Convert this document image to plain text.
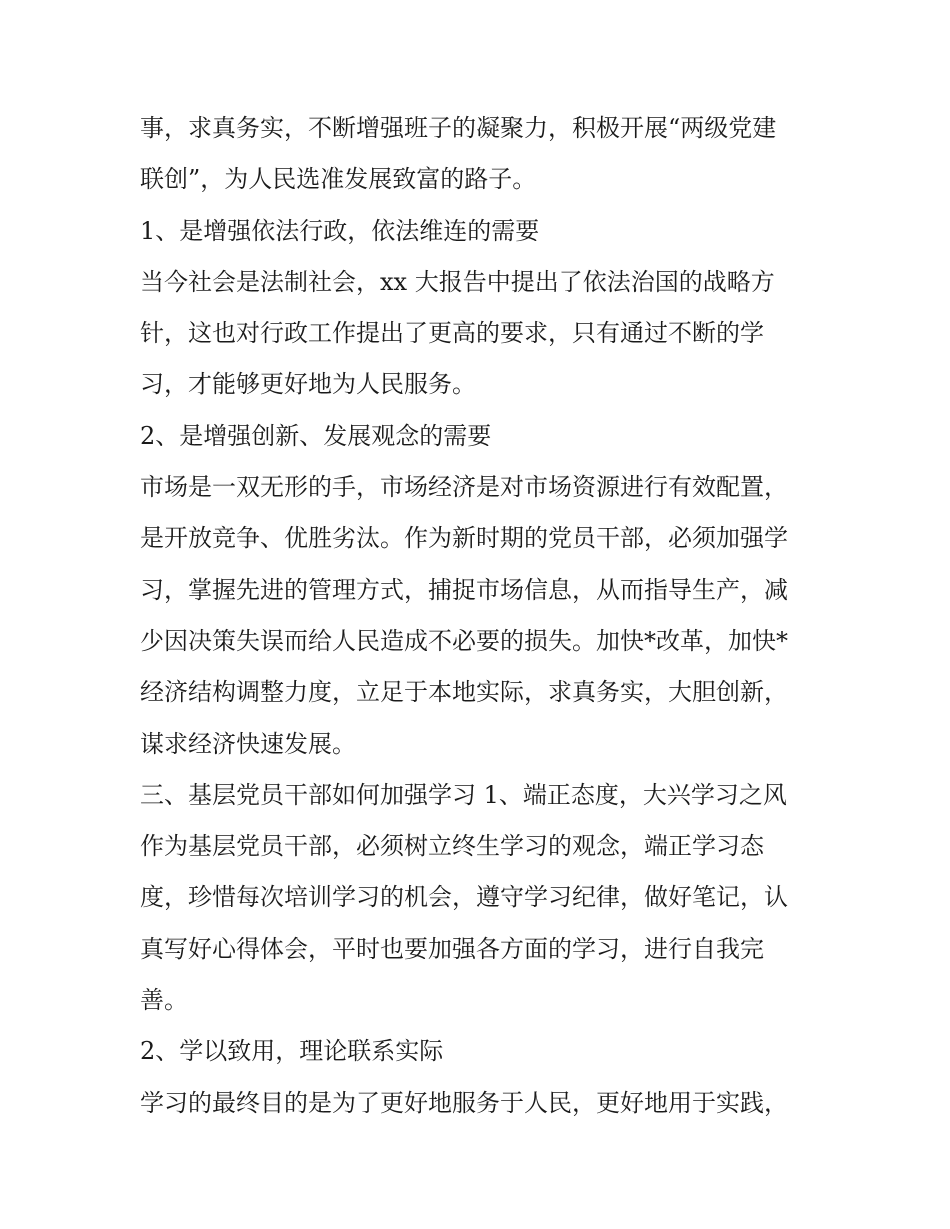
事，求真务实，不断增强班子的凝聚力，积极开展“两级党建
联创”，为人民选准发展致富的路子。
1、是增强依法行政，依法维连的需要
当今社会是法制社会，xx 大报告中提出了依法治国的战略方
针，这也对行政工作提出了更高的要求，只有通过不断的学
习，才能够更好地为人民服务。
2、是增强创新、发展观念的需要
市场是一双无形的手，市场经济是对市场资源进行有效配置，
是开放竞争、优胜劣汰。作为新时期的党员干部，必须加强学
习，掌握先进的管理方式，捕捉市场信息，从而指导生产，减
少因决策失误而给人民造成不必要的损失。加快*改革，加快*
经济结构调整力度，立足于本地实际，求真务实，大胆创新，
谋求经济快速发展。
三、基层党员干部如何加强学习 1、端正态度，大兴学习之风
作为基层党员干部，必须树立终生学习的观念，端正学习态
度，珍惜每次培训学习的机会，遵守学习纪律，做好笔记，认
真写好心得体会，平时也要加强各方面的学习，进行自我完
善。
2、学以致用，理论联系实际
学习的最终目的是为了更好地服务于人民，更好地用于实践，
